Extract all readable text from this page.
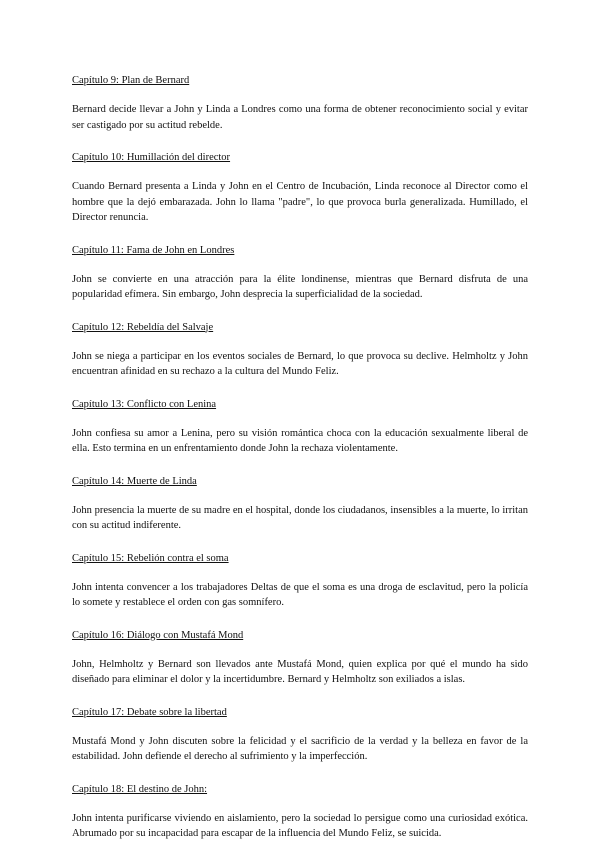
Capítulo 9: Plan de Bernard

Bernard decide llevar a John y Linda a Londres como una forma de obtener reconocimiento social y evitar ser castigado por su actitud rebelde.

Capítulo 10: Humillación del director

Cuando Bernard presenta a Linda y John en el Centro de Incubación, Linda reconoce al Director como el hombre que la dejó embarazada. John lo llama "padre", lo que provoca burla generalizada. Humillado, el Director renuncia.

Capítulo 11: Fama de John en Londres

John se convierte en una atracción para la élite londinense, mientras que Bernard disfruta de una popularidad efímera. Sin embargo, John desprecia la superficialidad de la sociedad.

Capítulo 12: Rebeldía del Salvaje

John se niega a participar en los eventos sociales de Bernard, lo que provoca su declive. Helmholtz y John encuentran afinidad en su rechazo a la cultura del Mundo Feliz.

Capítulo 13: Conflicto con Lenina

John confiesa su amor a Lenina, pero su visión romántica choca con la educación sexualmente liberal de ella. Esto termina en un enfrentamiento donde John la rechaza violentamente.

Capítulo 14: Muerte de Linda

John presencia la muerte de su madre en el hospital, donde los ciudadanos, insensibles a la muerte, lo irritan con su actitud indiferente.

Capítulo 15: Rebelión contra el soma

John intenta convencer a los trabajadores Deltas de que el soma es una droga de esclavitud, pero la policía lo somete y restablece el orden con gas somnífero.

Capítulo 16: Diálogo con Mustafá Mond

John, Helmholtz y Bernard son llevados ante Mustafá Mond, quien explica por qué el mundo ha sido diseñado para eliminar el dolor y la incertidumbre. Bernard y Helmholtz son exiliados a islas.

Capítulo 17: Debate sobre la libertad

Mustafá Mond y John discuten sobre la felicidad y el sacrificio de la verdad y la belleza en favor de la estabilidad. John defiende el derecho al sufrimiento y la imperfección.

Capítulo 18: El destino de John:

John intenta purificarse viviendo en aislamiento, pero la sociedad lo persigue como una curiosidad exótica. Abrumado por su incapacidad para escapar de la influencia del Mundo Feliz, se suicida.
